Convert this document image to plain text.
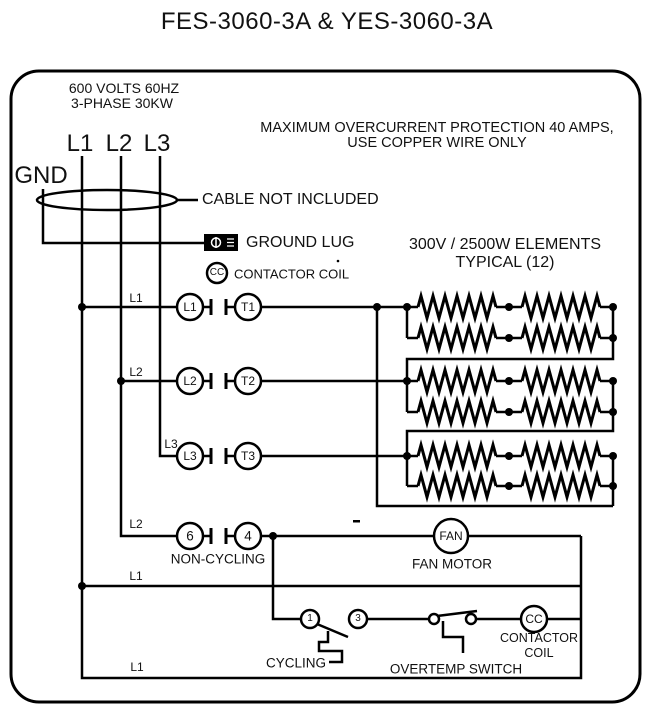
FES-3060-3A & YES-3060-3A
600 VOLTS 60HZ
3-PHASE 30KW
L1 L2 L3
GND
MAXIMUM OVERCURRENT PROTECTION 40 AMPS,
USE COPPER WIRE ONLY
CABLE NOT INCLUDED
GROUND LUG
CC CONTACTOR COIL
300V / 2500W ELEMENTS
TYPICAL (12)
L1
L1	T1
L2
L2	T2
L3
L3	T3
L2
6	4
NON-CYCLING
FAN
FAN MOTOR
L1
1	3
CYCLING	OVERTEMP SWITCH
CC
CONTACTOR
COIL
L1
